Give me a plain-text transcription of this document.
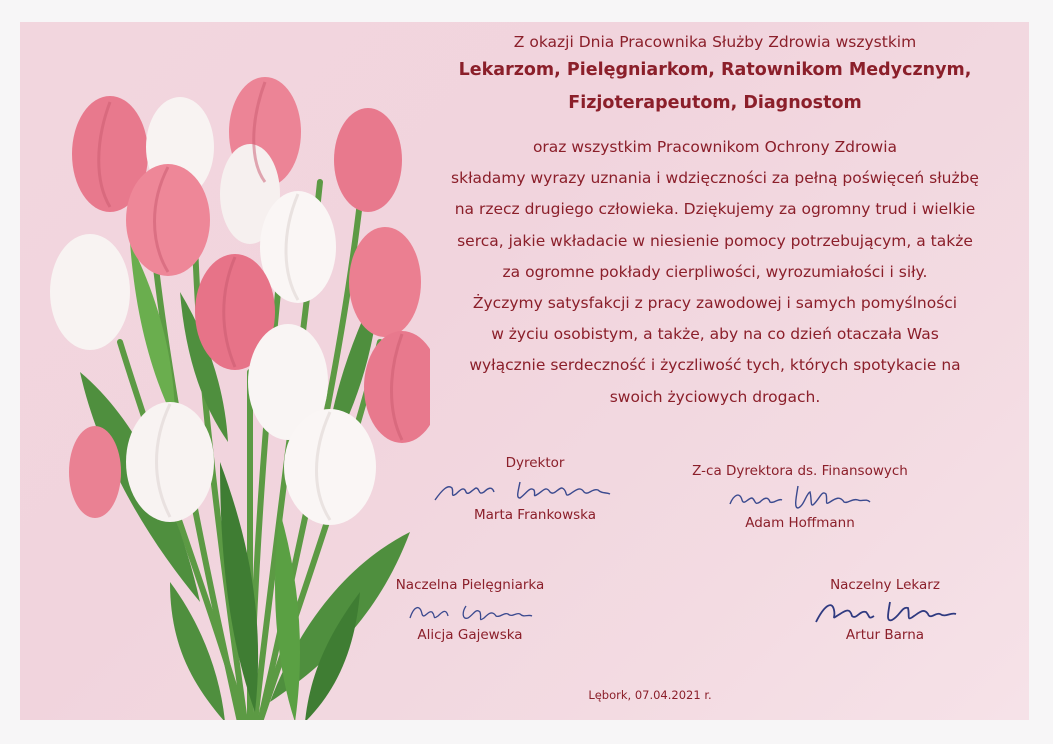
Z okazji Dnia Pracownika Służby Zdrowia wszystkim

Lekarzom, Pielęgniarkom, Ratownikom Medycznym,

Fizjoterapeutom, Diagnostom

oraz wszystkim Pracownikom Ochrony Zdrowia
składamy wyrazy uznania i wdzięczności za pełną poświęceń służbę
na rzecz drugiego człowieka. Dziękujemy za ogromny trud i wielkie
serca, jakie wkładacie w niesienie pomocy potrzebującym, a także
za ogromne pokłady cierpliwości, wyrozumiałości i siły.
Życzymy satysfakcji z pracy zawodowej i samych pomyślności
w życiu osobistym, a także, aby na co dzień otaczała Was
wyłącznie serdeczność i życzliwość tych, których spotykacie na
swoich życiowych drogach.
Dyrektor
Marta Frankowska
Z-ca Dyrektora ds. Finansowych
Adam Hoffmann
Naczelna Pielęgniarka
Alicja Gajewska
Naczelny Lekarz
Artur Barna
Lębork, 07.04.2021 r.
